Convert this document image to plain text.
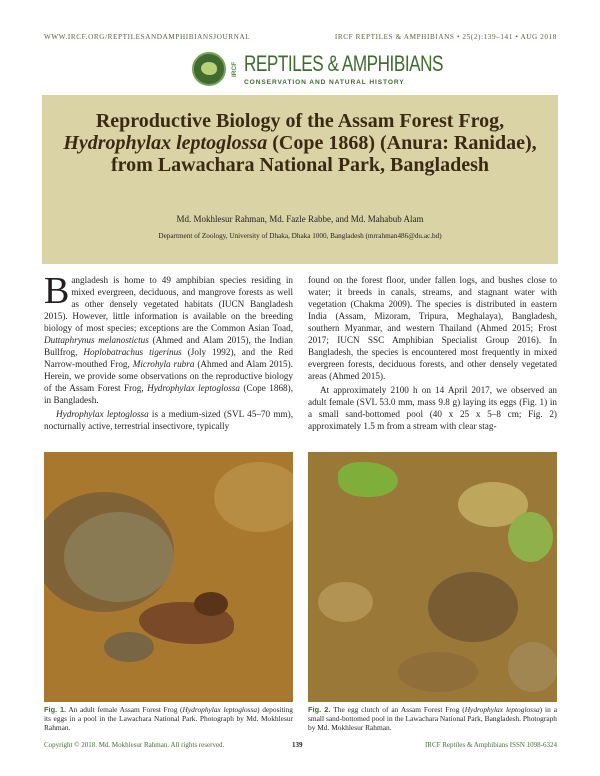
WWW.IRCF.ORG/REPTILESANDAMPHIBIANSJOURNAL	IRCF REPTILES & AMPHIBIANS • 25(2):139–141 • AUG 2018
IRCF REPTILES & AMPHIBIANS
CONSERVATION AND NATURAL HISTORY
Reproductive Biology of the Assam Forest Frog, Hydrophylax leptoglossa (Cope 1868) (Anura: Ranidae), from Lawachara National Park, Bangladesh
Md. Mokhlesur Rahman, Md. Fazle Rabbe, and Md. Mahabub Alam
Department of Zoology, University of Dhaka, Dhaka 1000, Bangladesh (mrrahman486@du.ac.bd)

Bangladesh is home to 49 amphibian species residing in mixed evergreen, deciduous, and mangrove forests as well as other densely vegetated habitats (IUCN Bangladesh 2015). However, little information is available on the breeding biology of most species; exceptions are the Common Asian Toad, Duttaphrynus melanostictus (Ahmed and Alam 2015), the Indian Bullfrog, Hoplobatrachus tigerinus (Joly 1992), and the Red Narrow-mouthed Frog, Microhyla rubra (Ahmed and Alam 2015). Herein, we provide some observations on the reproductive biology of the Assam Forest Frog, Hydrophylax leptoglossa (Cope 1868), in Bangladesh.

Hydrophylax leptoglossa is a medium-sized (SVL 45–70 mm), nocturnally active, terrestrial insectivore, typically

found on the forest floor, under fallen logs, and bushes close to water; it breeds in canals, streams, and stagnant water with vegetation (Chakma 2009). The species is distributed in eastern India (Assam, Mizoram, Tripura, Meghalaya), Bangladesh, southern Myanmar, and western Thailand (Ahmed 2015; Frost 2017; IUCN SSC Amphibian Specialist Group 2016). In Bangladesh, the species is encountered most frequently in mixed evergreen forests, deciduous forests, and other densely vegetated areas (Ahmed 2015).

At approximately 2100 h on 14 April 2017, we observed an adult female (SVL 53.0 mm, mass 9.8 g) laying its eggs (Fig. 1) in a small sand-bottomed pool (40 x 25 x 5–8 cm; Fig. 2) approximately 1.5 m from a stream with clear stag-

Fig. 1. An adult female Assam Forest Frog (Hydrophylax leptoglossa) depositing its eggs in a pool in the Lawachara National Park. Photograph by Md. Mokhlesur Rahman.
Fig. 2. The egg clutch of an Assam Forest Frog (Hydrophylax leptoglossa) in a small sand-bottomed pool in the Lawachara National Park, Bangladesh. Photograph by Md. Mokhlesur Rahman.
Copyright © 2018. Md. Mokhlesur Rahman. All rights reserved.	139	IRCF Reptiles & Amphibians ISSN 1098-6324
